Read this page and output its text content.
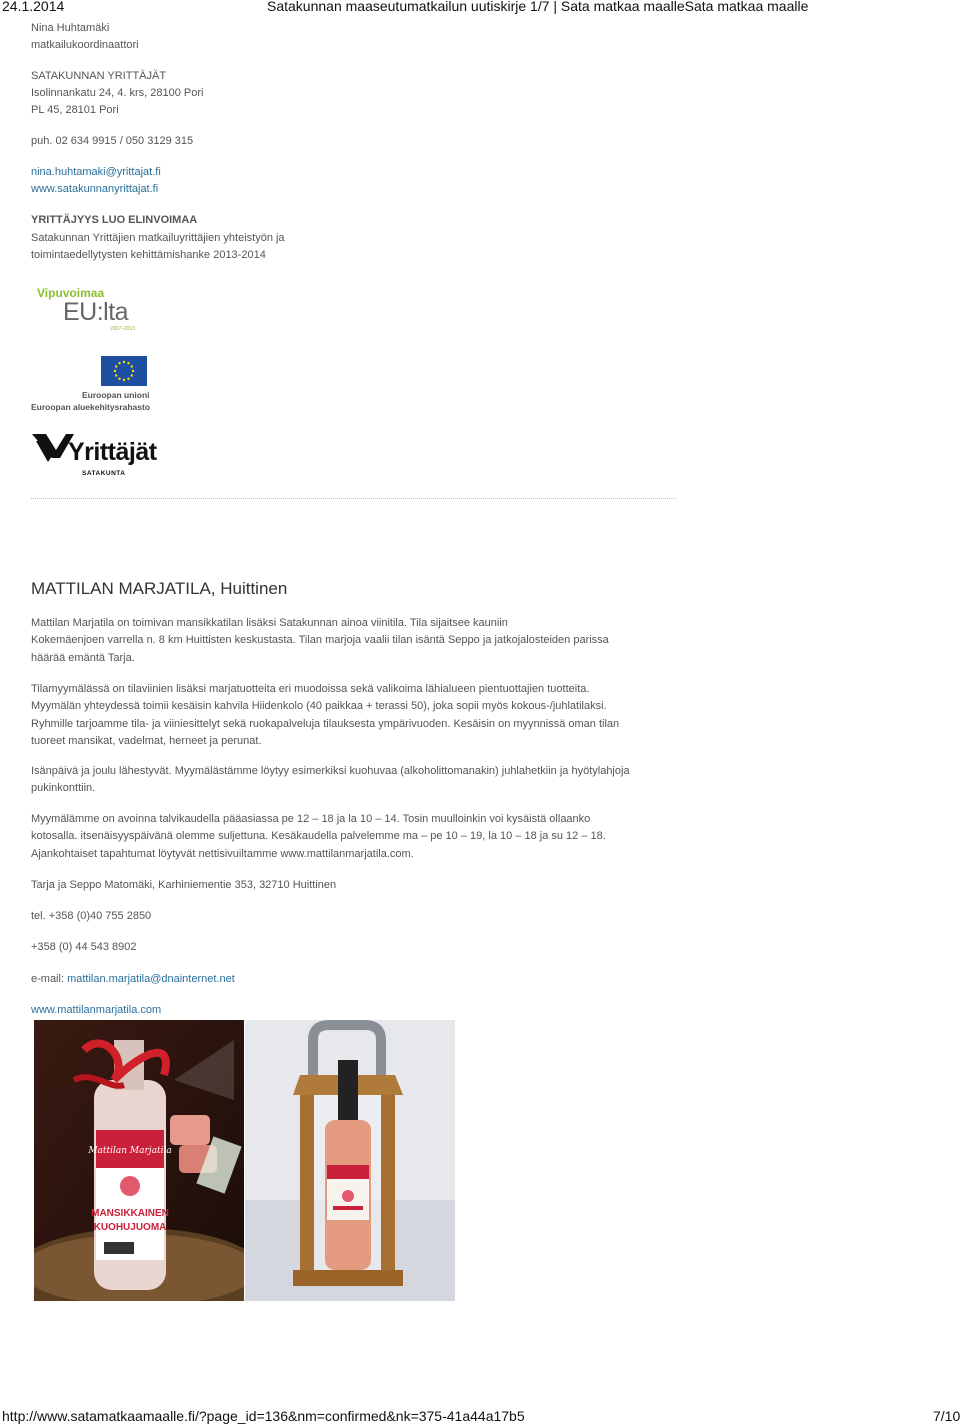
24.1.2014	Satakunnan maaseutumatkailun uutiskirje 1/7 | Sata matkaa maalleSata matkaa maalle
Nina Huhtamäki
matkailukoordinaattori
SATAKUNNAN YRITTÄJÄT
Isolinnankatu 24, 4. krs, 28100 Pori
PL 45, 28101 Pori
puh. 02 634 9915 / 050 3129 315
nina.huhtamaki@yrittajat.fi
www.satakunnanyrittajat.fi
YRITTÄJYYS LUO ELINVOIMAA
Satakunnan Yrittäjien matkailuyrittäjien yhteistyön ja
toimintaedellytysten kehittämishanke 2013-2014
Vipuvoimaa
EU:lta
2007–2013
Euroopan unioni
Euroopan aluekehitysrahasto
Yrittäjät
SATAKUNTA
MATTILAN MARJATILA, Huittinen
Mattilan Marjatila on toimivan mansikkatilan lisäksi Satakunnan ainoa viinitila. Tila sijaitsee kauniin
Kokemäenjoen varrella n. 8 km Huittisten keskustasta. Tilan marjoja vaalii tilan isäntä Seppo ja jatkojalosteiden parissa
häärää emäntä Tarja.
Tilamyymälässä on tilaviinien lisäksi marjatuotteita eri muodoissa sekä valikoima lähialueen pientuottajien tuotteita.
Myymälän yhteydessä toimii kesäisin kahvila Hiidenkolo (40 paikkaa + terassi 50), joka sopii myös kokous-/juhlatilaksi.
Ryhmille tarjoamme tila- ja viiniesittelyt sekä ruokapalveluja tilauksesta ympärivuoden. Kesäisin on myynnissä oman tilan
tuoreet mansikat, vadelmat, herneet ja perunat.
Isänpäivä ja joulu lähestyvät. Myymälästämme löytyy esimerkiksi kuohuvaa (alkoholittomanakin) juhlahetkiin ja hyötylahjoja
pukinkonttiin.
Myymälämme on avoinna talvikaudella pääasiassa pe 12 – 18 ja la 10 – 14. Tosin muulloinkin voi kysäistä ollaanko
kotosalla. itsenäisyyspäivänä olemme suljettuna. Kesäkaudella palvelemme ma – pe 10 – 19, la 10 – 18 ja su 12 – 18.
Ajankohtaiset tapahtumat löytyvät nettisivuiltamme www.mattilanmarjatila.com.
Tarja ja Seppo Matomäki, Karhiniementie 353, 32710 Huittinen
tel. +358 (0)40 755 2850
+358 (0) 44 543 8902
e-mail: mattilan.marjatila@dnainternet.net
www.mattilanmarjatila.com
Mattilan Marjatila
MANSIKKAINEN
KUOHUJUOMA
http://www.satamatkaamaalle.fi/?page_id=136&nm=confirmed&nk=375-41a44a17b5	7/10
